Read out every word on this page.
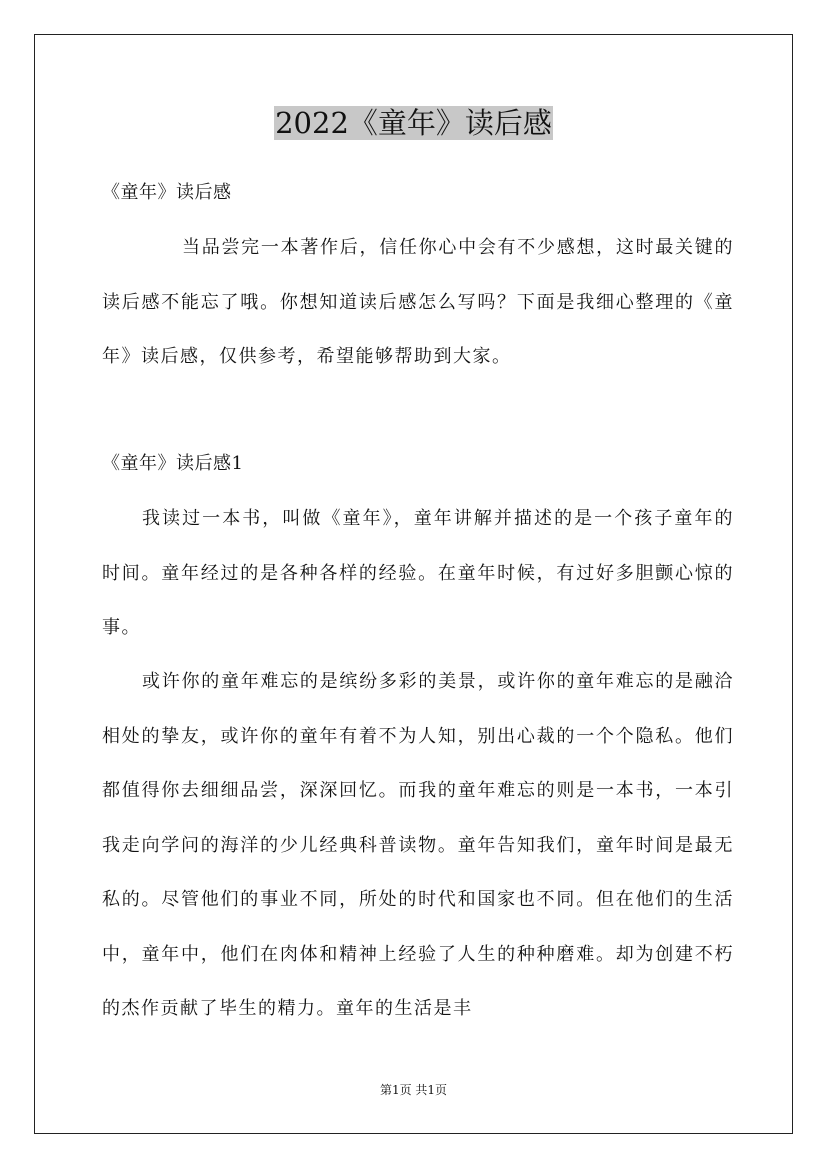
2022《童年》读后感
《童年》读后感

当品尝完一本著作后，信任你心中会有不少感想，这时最关键的读后感不能忘了哦。你想知道读后感怎么写吗？下面是我细心整理的《童年》读后感，仅供参考，希望能够帮助到大家。

《童年》读后感1

我读过一本书，叫做《童年》，童年讲解并描述的是一个孩子童年的时间。童年经过的是各种各样的经验。在童年时候，有过好多胆颤心惊的事。

或许你的童年难忘的是缤纷多彩的美景，或许你的童年难忘的是融洽相处的挚友，或许你的童年有着不为人知，别出心裁的一个个隐私。他们都值得你去细细品尝，深深回忆。而我的童年难忘的则是一本书，一本引我走向学问的海洋的少儿经典科普读物。童年告知我们，童年时间是最无私的。尽管他们的事业不同，所处的时代和国家也不同。但在他们的生活中，童年中，他们在肉体和精神上经验了人生的种种磨难。却为创建不朽的杰作贡献了毕生的精力。童年的生活是丰

第1页 共1页
